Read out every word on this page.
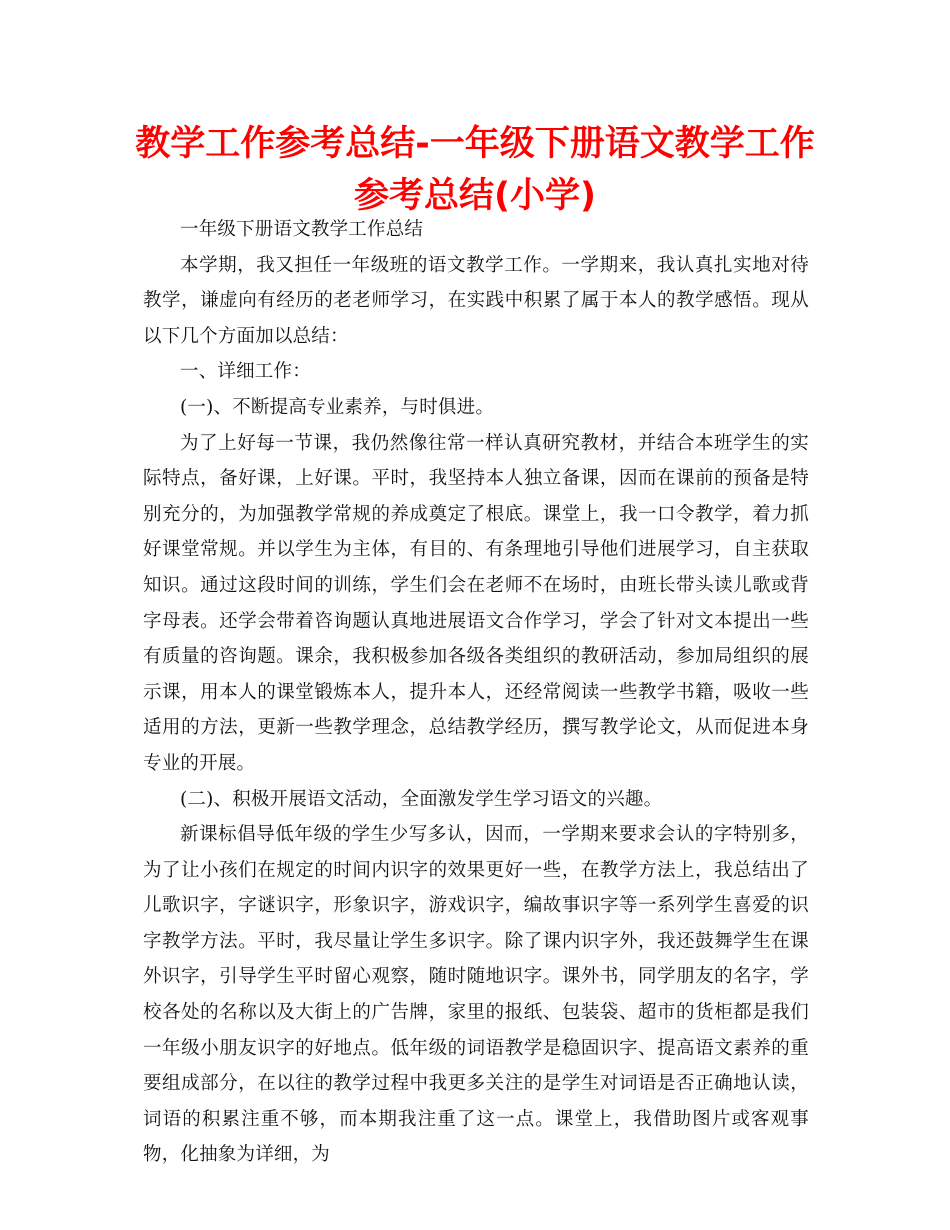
教学工作参考总结-一年级下册语文教学工作参考总结(小学)

一年级下册语文教学工作总结

本学期，我又担任一年级班的语文教学工作。一学期来，我认真扎实地对待教学，谦虚向有经历的老老师学习，在实践中积累了属于本人的教学感悟。现从以下几个方面加以总结：

一、详细工作：

(一)、不断提高专业素养，与时俱进。

为了上好每一节课，我仍然像往常一样认真研究教材，并结合本班学生的实际特点，备好课，上好课。平时，我坚持本人独立备课，因而在课前的预备是特别充分的，为加强教学常规的养成奠定了根底。课堂上，我一口令教学，着力抓好课堂常规。并以学生为主体，有目的、有条理地引导他们进展学习，自主获取知识。通过这段时间的训练，学生们会在老师不在场时，由班长带头读儿歌或背字母表。还学会带着咨询题认真地进展语文合作学习，学会了针对文本提出一些有质量的咨询题。课余，我积极参加各级各类组织的教研活动，参加局组织的展示课，用本人的课堂锻炼本人，提升本人，还经常阅读一些教学书籍，吸收一些适用的方法，更新一些教学理念，总结教学经历，撰写教学论文，从而促进本身专业的开展。

(二)、积极开展语文活动，全面激发学生学习语文的兴趣。

新课标倡导低年级的学生少写多认，因而，一学期来要求会认的字特别多，为了让小孩们在规定的时间内识字的效果更好一些，在教学方法上，我总结出了儿歌识字，字谜识字，形象识字，游戏识字，编故事识字等一系列学生喜爱的识字教学方法。平时，我尽量让学生多识字。除了课内识字外，我还鼓舞学生在课外识字，引导学生平时留心观察，随时随地识字。课外书，同学朋友的名字，学校各处的名称以及大街上的广告牌，家里的报纸、包装袋、超市的货柜都是我们一年级小朋友识字的好地点。低年级的词语教学是稳固识字、提高语文素养的重要组成部分，在以往的教学过程中我更多关注的是学生对词语是否正确地认读，词语的积累注重不够，而本期我注重了这一点。课堂上，我借助图片或客观事物，化抽象为详细，为
